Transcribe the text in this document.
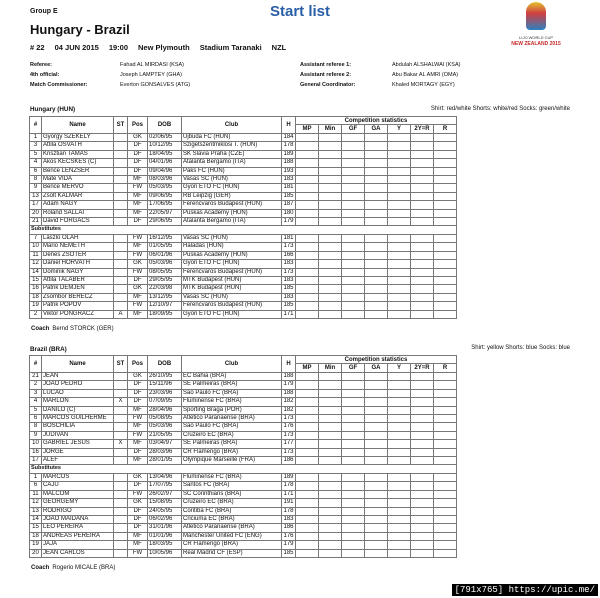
Group E	Start list
Hungary - Brazil
U-20 WORLD CUP
NEW ZEALAND 2015
# 22 04 JUN 2015 19:00 New Plymouth Stadium Taranaki NZL
Referee:	Fahad AL MIRDASI (KSA)
4th official:	Joseph LAMPTEY (GHA)
Match Commissioner:	Everton GONSALVES (ATG)
Assistant referee 1:	Abdulah ALSHALWAI (KSA)
Assistant referee 2:	Abu Bakar AL AMRI (OMA)
General Coordinator:	Khaled MORTAGY (EGY)
Hungary (HUN)	Shirt: red/white Shorts: white/red Socks: green/white
#	Name	ST	Pos	DOB	Club	H	Competition statistics						
							MP	Min	GF	GA	Y	2Y=R	R
1	Gyorgy SZEKELY		GK	02/06/95	Ujbuda FC (HUN)	184							
3	Attila OSVATH		DF	10/12/95	Szigetszentmiklosi T. (HUN)	178							
5	Krisztian TAMAS		DF	18/04/95	SK Slavia Praha (CZE)	189							
4	Akos KECSKES (C)		DF	04/01/96	Atalanta Bergamo (ITA)	188							
6	Bence LENZSER		DF	09/04/96	Paks FC (HUN)	193							
8	Mate VIDA		MF	08/03/96	Vasas SC (HUN)	183							
9	Bence MERVO		FW	05/03/95	Gyori ETO FC (HUN)	181							
13	Zsolt KALMAR		MF	09/06/95	RB Leipzig (GER)	185							
17	Adam NAGY		MF	17/06/95	Ferencvaros Budapest (HUN)	187							
20	Roland SALLAI		MF	22/05/97	Puskas Academy (HUN)	180							
21	David FORGACS		DF	29/06/95	Atalanta Bergamo (ITA)	179							
Substitutes													
7	Laszlo OLAH		FW	16/12/95	Vasas SC (HUN)	181							
10	Mario NEMETH		MF	01/05/95	Haladas (HUN)	173							
11	Dénes ZSOTER		FW	06/01/96	Puskas Academy (HUN)	166							
12	Daniel HORVATH		GK	05/03/96	Gyori ETO FC (HUN)	183							
14	Dominik NAGY		FW	08/05/95	Ferencvaros Budapest (HUN)	173							
15	Attila TALABER		DF	29/05/95	MTK Budapest (HUN)	183							
16	Patrik DEMJEN		GK	22/03/98	MTK Budapest (HUN)	185							
18	Zsombor BERECZ		MF	13/12/95	Vasas SC (HUN)	183							
19	Patrik POPOV		FW	12/10/97	Ferencvaros Budapest (HUN)	185							
2	Viktor PONGRACZ	A	MF	18/09/95	Gyori ETO FC (HUN)	171							
Coach Bernd STORCK (GER)
Brazil (BRA)	Shirt: yellow Shorts: blue Socks: blue
#	Name	ST	Pos	DOB	Club	H	Competition statistics						
							MP	Min	GF	GA	Y	2Y=R	R
21	JEAN		GK	26/10/95	EC Bahia (BRA)	188							
2	JOAO PEDRO		DF	15/11/96	SE Palmeiras (BRA)	179							
3	LUCAO		DF	23/03/96	Sao Paulo FC (BRA)	188							
4	MARLON	X	DF	07/09/95	Fluminense FC (BRA)	182							
5	DANILO (C)		MF	28/04/96	Sporting Braga (POR)	182							
6	MARCOS GUILHERME		FW	05/08/95	Atletico Paranaense (BRA)	173							
8	BOSCHILIA		MF	05/03/96	Sao Paulo FC (BRA)	176							
9	JUDIVAN		FW	21/05/95	Cruzeiro EC (BRA)	173							
10	GABRIEL JESUS	X	MF	03/04/97	SE Palmeiras (BRA)	177							
16	JORGE		DF	28/03/96	CR Flamengo (BRA)	173							
17	ALEF		MF	28/01/95	Olympique Marseille (FRA)	186							
Substitutes													
1	MARCOS		GK	13/04/96	Fluminense FC (BRA)	189							
6	CAJU		DF	17/07/95	Santos FC (BRA)	178							
11	MALCOM		FW	26/02/97	SC Corinthians (BRA)	171							
12	GEORGEMY		GK	15/08/95	Cruzeiro EC (BRA)	191							
13	RODRIGO		DF	24/05/95	Coritiba FC (BRA)	178							
14	JOAO MAIDANA		DF	06/02/96	Criciuma EC (BRA)	183							
15	LEO PEREIRA		DF	31/01/96	Atletico Paranaense (BRA)	186							
18	ANDREAS PEREIRA		MF	01/01/96	Manchester United FC (ENG)	176							
19	JAJA		MF	18/03/95	CR Flamengo (BRA)	179							
20	JEAN CARLOS		FW	10/05/96	Real Madrid CF (ESP)	185							
Coach Rogerio MICALE (BRA)
[791x765] https://upic.me/
